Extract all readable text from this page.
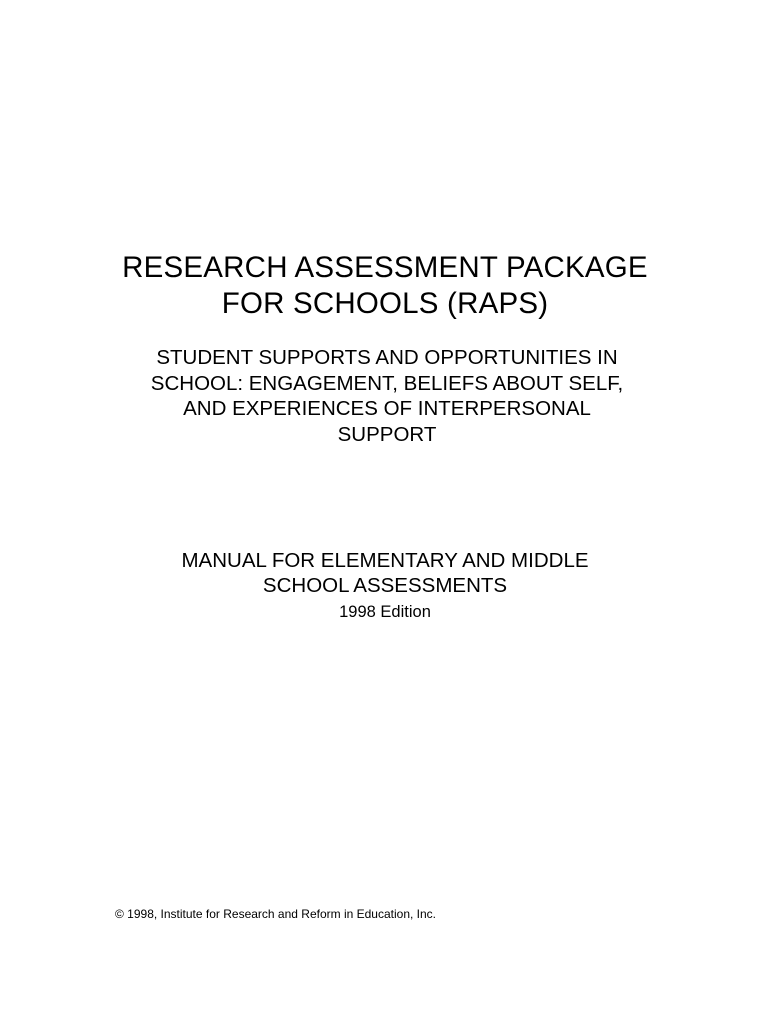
RESEARCH ASSESSMENT PACKAGE
FOR SCHOOLS (RAPS)
STUDENT SUPPORTS AND OPPORTUNITIES IN
SCHOOL: ENGAGEMENT, BELIEFS ABOUT SELF,
AND EXPERIENCES OF INTERPERSONAL
SUPPORT
MANUAL FOR ELEMENTARY AND MIDDLE
SCHOOL ASSESSMENTS
1998 Edition
© 1998, Institute for Research and Reform in Education, Inc.
